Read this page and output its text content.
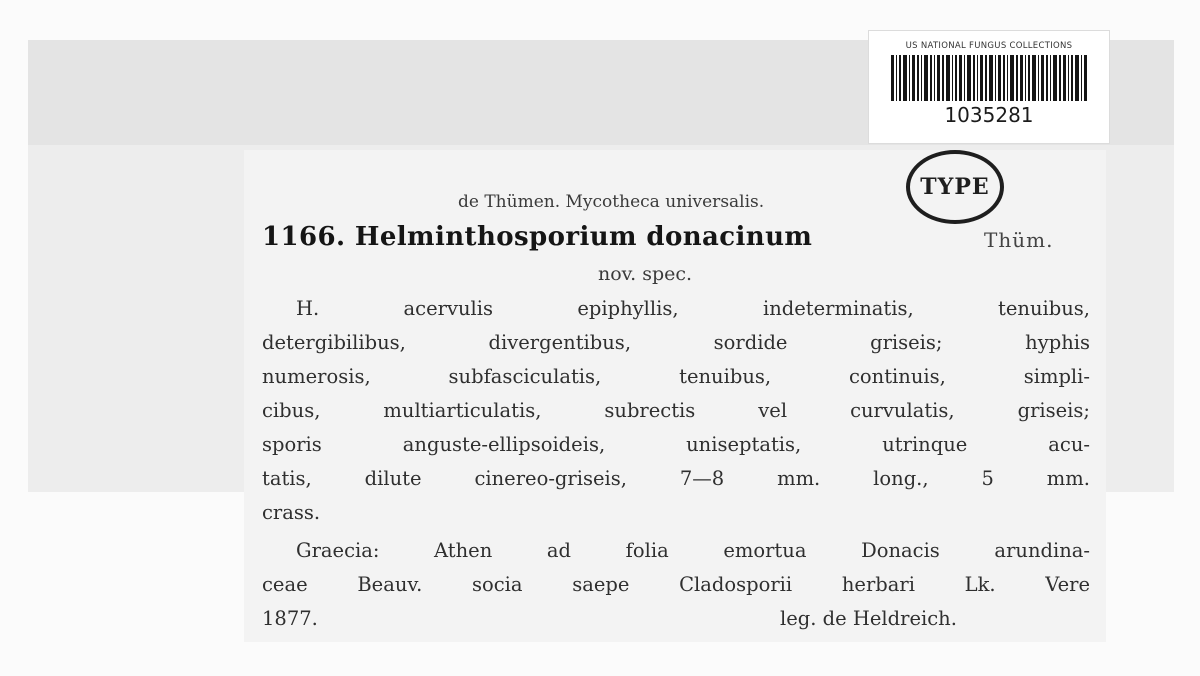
US NATIONAL FUNGUS COLLECTIONS
1035281
de Thümen. Mycotheca universalis.
TYPE
1166. Helminthosporium donacinum	Thüm.
nov. spec.
H. acervulis epiphyllis, indeterminatis, tenuibus,
detergibilibus, divergentibus, sordide griseis; hyphis
numerosis, subfasciculatis, tenuibus, continuis, simpli-
cibus, multiarticulatis, subrectis vel curvulatis, griseis;
sporis anguste-ellipsoideis, uniseptatis, utrinque acu-
tatis, dilute cinereo-griseis, 7—8 mm. long., 5 mm.
crass.
Graecia: Athen ad folia emortua Donacis arundina-
ceae Beauv. socia saepe Cladosporii herbari Lk. Vere
1877.	leg. de Heldreich.
